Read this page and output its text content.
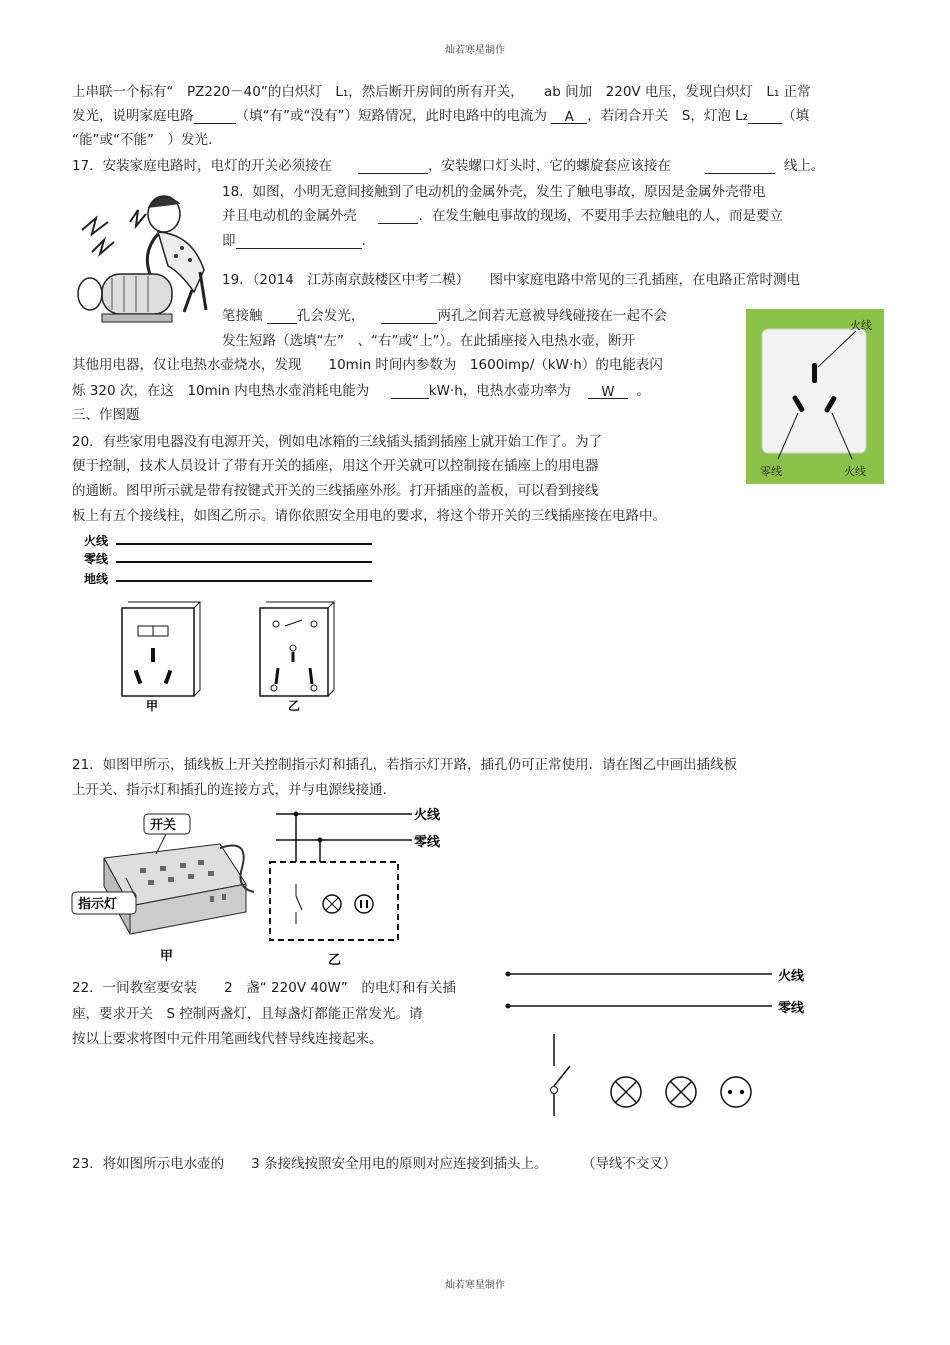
灿若寒星制作
灿若寒星制作
上串联一个标有“　PZ220－40”的白炽灯　L₁，然后断开房间的所有开关，　　ab 间加　220V 电压，发现白炽灯　L₁ 正常
发光，说明家庭电路	（填“有”或“没有”）短路情况，此时电路中的电流为 A ，若闭合开关　S，灯泡 L₂	（填
“能”或“不能”　）发光.
17．安装家庭电路时，电灯的开关必须接在	，安装螺口灯头时，它的螺旋套应该接在	线上。
18．如图，小明无意间接触到了电动机的金属外壳，发生了触电事故，原因是金属外壳带电
并且电动机的金属外壳	．在发生触电事故的现场，不要用手去拉触电的人，而是要立
即	.
19．（2014　江苏南京鼓楼区中考二模）　　图中家庭电路中常见的三孔插座，在电路正常时测电
笔接触	孔会发光，	两孔之间若无意被导线碰接在一起不会
发生短路（选填“左”　、“右”或“上”）。在此插座接入电热水壶，断开
其他用电器，仅让电热水壶烧水，发现　　10min 时间内参数为　1600imp/（kW·h）的电能表闪
烁 320 次，在这　10min 内电热水壶消耗电能为	kW·h，电热水壶功率为 W 。
火线
零线	火线
三、作图题
20．有些家用电器没有电源开关，例如电冰箱的三线插头插到插座上就开始工作了。为了
便于控制，技术人员设计了带有开关的插座，用这个开关就可以控制接在插座上的用电器
的通断。图甲所示就是带有按键式开关的三线插座外形。打开插座的盖板，可以看到接线
板上有五个接线柱，如图乙所示。请你依照安全用电的要求，将这个带开关的三线插座接在电路中。
火线
零线
地线
甲	乙
21．如图甲所示，插线板上开关控制指示灯和插孔，若指示灯开路，插孔仍可正常使用．请在图乙中画出插线板
上开关、指示灯和插孔的连接方式，并与电源线接通.
开关
指示灯
甲
火线
零线
乙
22．一间教室要安装　　2　盏“ 220V 40W”　的电灯和有关插
座，要求开关　S 控制两盏灯，且每盏灯都能正常发光。请
按以上要求将图中元件用笔画线代替导线连接起来。
火线
零线
23．将如图所示电水壶的　　3 条接线按照安全用电的原则对应连接到插头上。	（导线不交叉）
